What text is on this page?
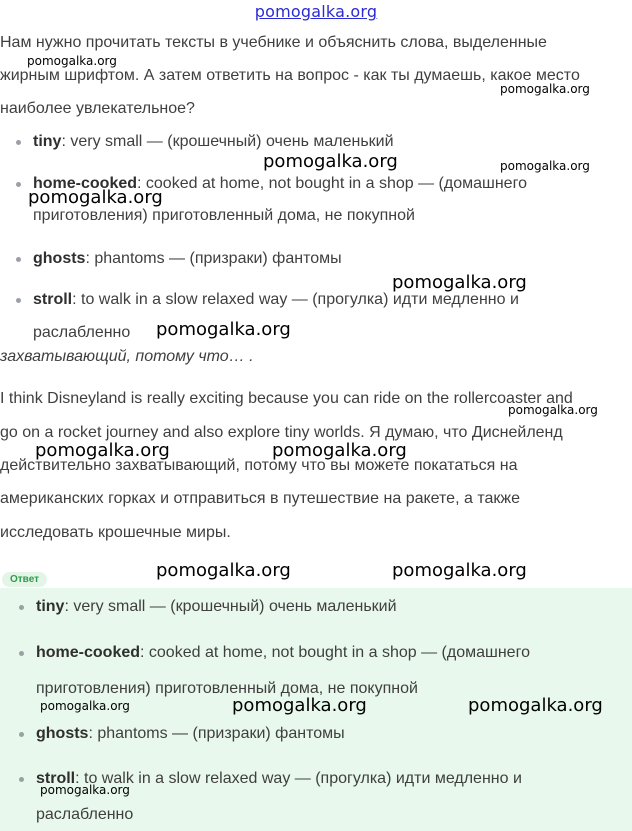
pomogalka.org
Нам нужно прочитать тексты в учебнике и объяснить слова, выделенные
жирным шрифтом. А затем ответить на вопрос - как ты думаешь, какое место
наиболее увлекательное?
tiny: very small — (крошечный) очень маленький
home-cooked: cooked at home, not bought in a shop — (домашнего
приготовления) приготовленный дома, не покупной
ghosts: phantoms — (призраки) фантомы
stroll: to walk in a slow relaxed way — (прогулка) идти медленно и
раслабленно
захватывающий, потому что… .
I think Disneyland is really exciting because you can ride on the rollercoaster and
go on a rocket journey and also explore tiny worlds. Я думаю, что Диснейленд
действительно захватывающий, потому что вы можете покататься на
американских горках и отправиться в путешествие на ракете, а также
исследовать крошечные миры.
Ответ
tiny: very small — (крошечный) очень маленький
home-cooked: cooked at home, not bought in a shop — (домашнего
приготовления) приготовленный дома, не покупной
ghosts: phantoms — (призраки) фантомы
stroll: to walk in a slow relaxed way — (прогулка) идти медленно и
раслабленно
pomogalka.org
pomogalka.org
pomogalka.org	pomogalka.org
pomogalka.org
pomogalka.org
pomogalka.org
pomogalka.org
pomogalka.org	pomogalka.org
pomogalka.org	pomogalka.org
pomogalka.org	pomogalka.org	pomogalka.org
pomogalka.org
